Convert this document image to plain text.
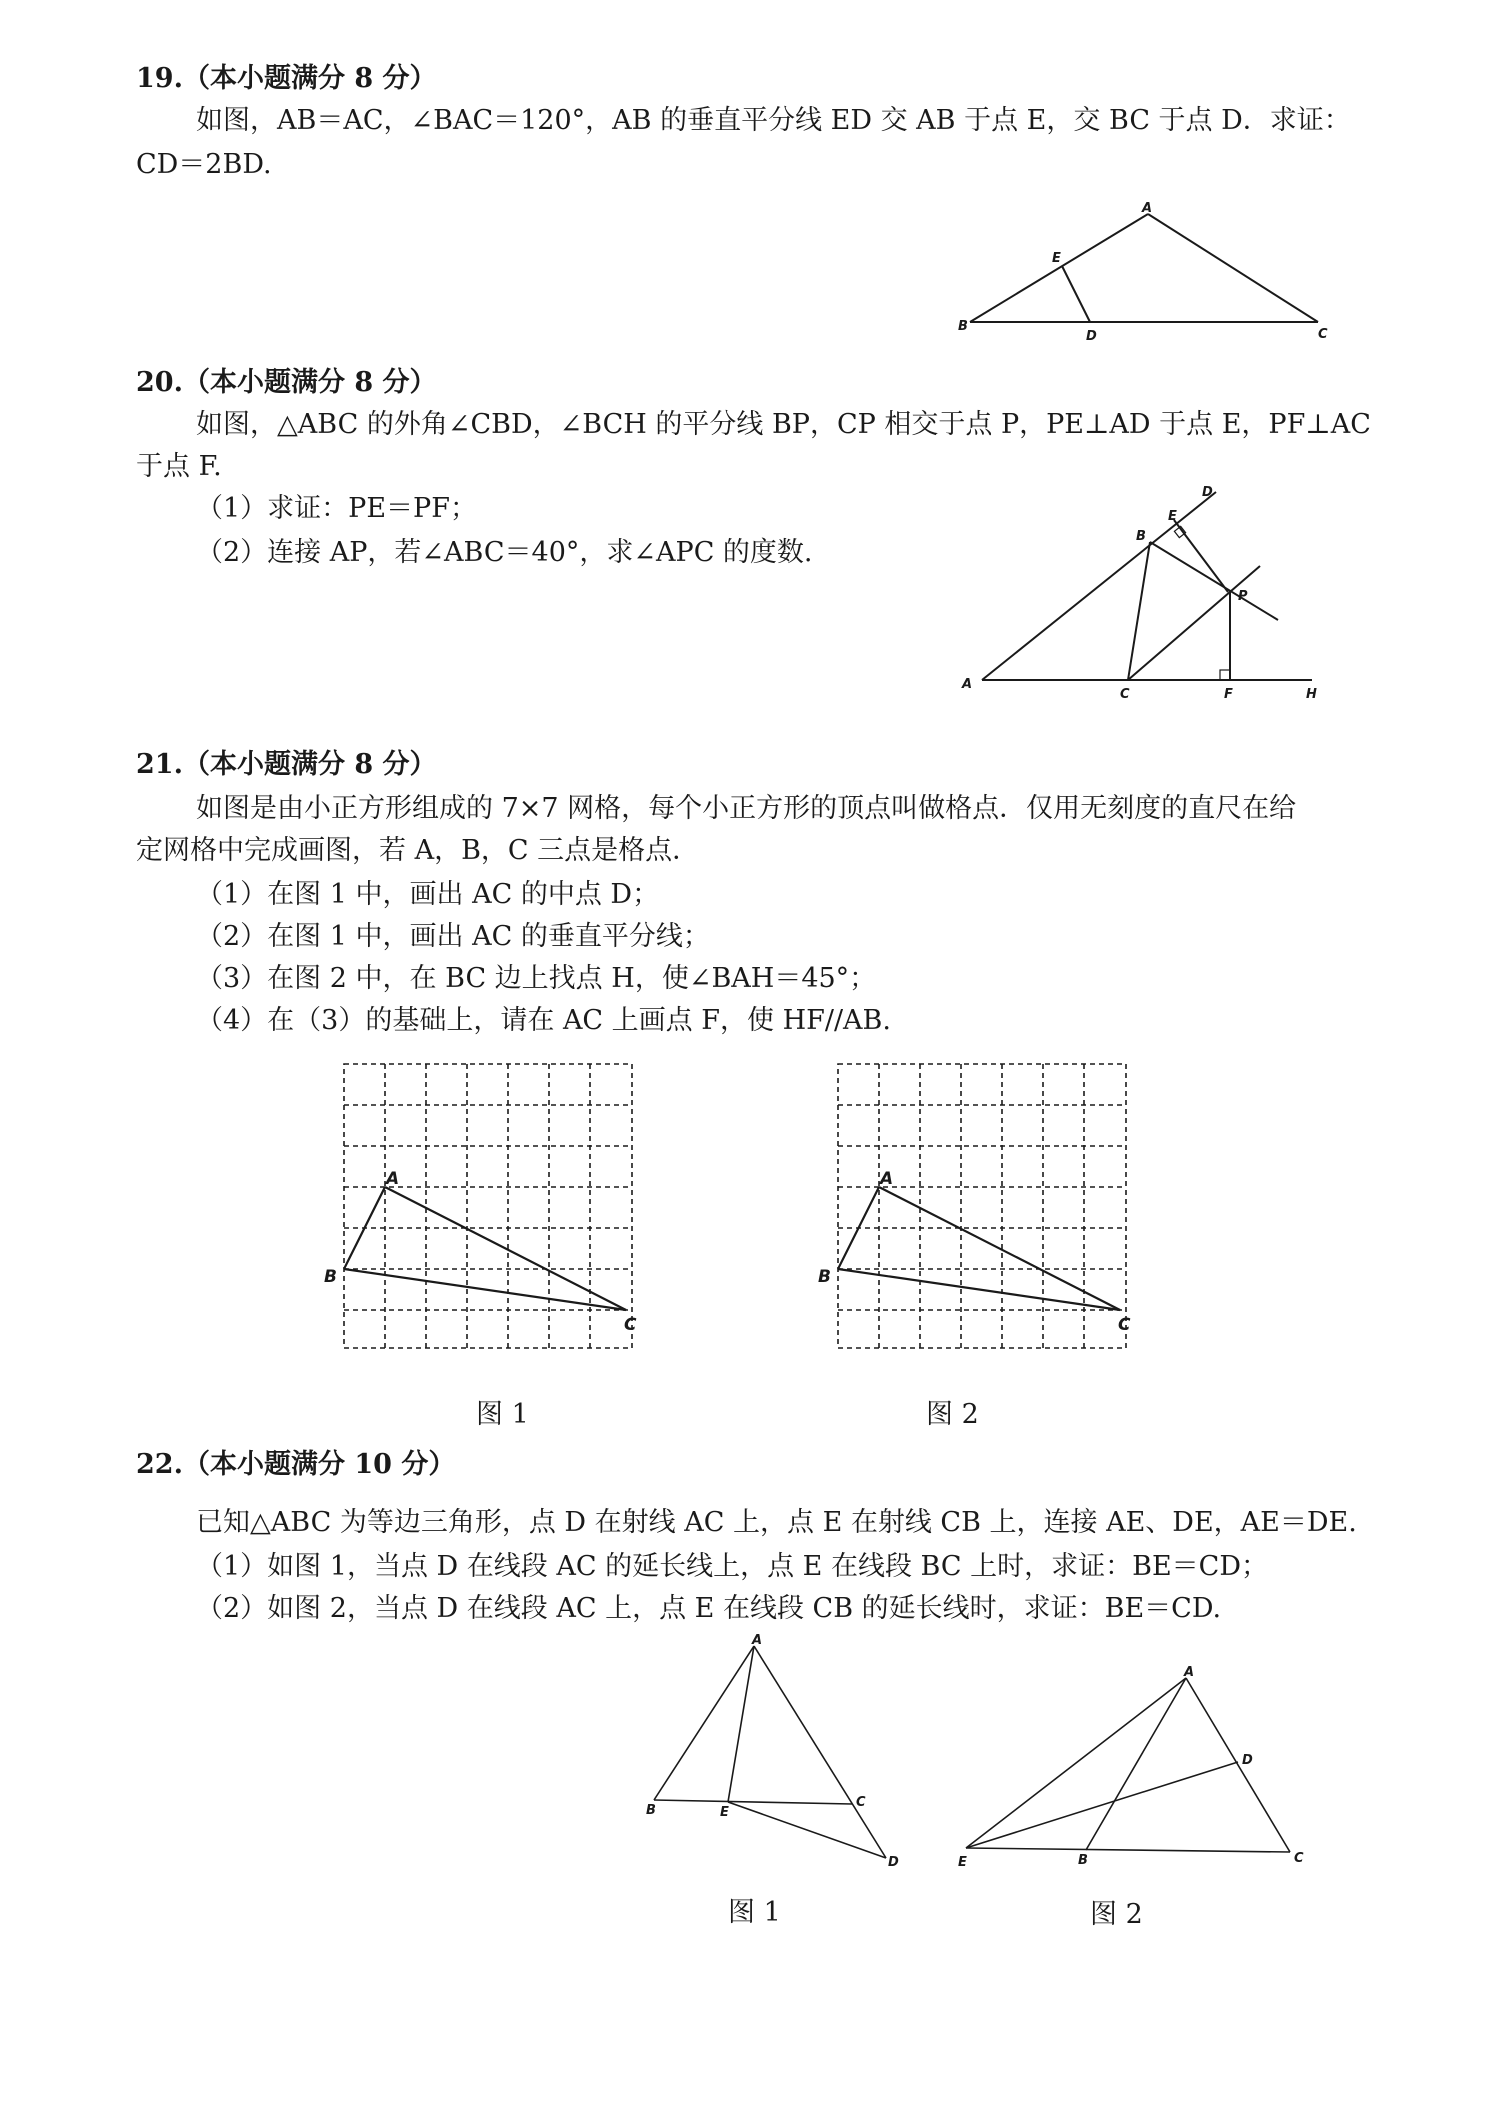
19.（本小题满分 8 分）
如图，AB＝AC，∠BAC＝120°，AB 的垂直平分线 ED 交 AB 于点 E，交 BC 于点 D．求证：
CD＝2BD.
20.（本小题满分 8 分）
如图，△ABC 的外角∠CBD，∠BCH 的平分线 BP，CP 相交于点 P，PE⊥AD 于点 E，PF⊥AC
于点 F.
（1）求证：PE＝PF；
（2）连接 AP，若∠ABC＝40°，求∠APC 的度数.
21.（本小题满分 8 分）
如图是由小正方形组成的 7×7 网格，每个小正方形的顶点叫做格点．仅用无刻度的直尺在给
定网格中完成画图，若 A，B，C 三点是格点．
（1）在图 1 中，画出 AC 的中点 D；
（2）在图 1 中，画出 AC 的垂直平分线；
（3）在图 2 中，在 BC 边上找点 H，使∠BAH＝45°；
（4）在（3）的基础上，请在 AC 上画点 F，使 HF//AB.
图 1	图 2
22.（本小题满分 10 分）
已知△ABC 为等边三角形，点 D 在射线 AC 上，点 E 在射线 CB 上，连接 AE、DE，AE＝DE.
（1）如图 1，当点 D 在线段 AC 的延长线上，点 E 在线段 BC 上时，求证：BE＝CD；
（2）如图 2，当点 D 在线段 AC 上，点 E 在线段 CB 的延长线时，求证：BE＝CD.
图 1	图 2
A
E
B
D	C
D
E
B
P
A
C	F	H
A
B
C
A
B
C
A
B	E
C
D
A
D
E	B	C
